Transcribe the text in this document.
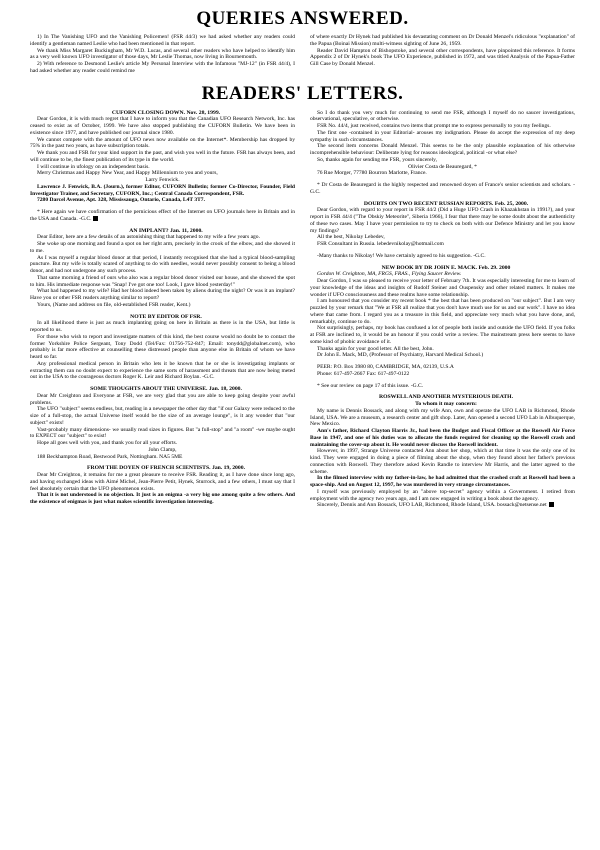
QUERIES ANSWERED.

1) In The Vanishing UFO and the Vanishing Policemen! (FSR 44/3) we had asked whether any readers could identify a gentleman named Leslie who had been mentioned in that report.

We thank Miss Margaret Buckingham, Mr W.D. Lucas, and several other readers who have helped to identify him as a very well known UFO investigator of those days, Mr Leslie Thomas, now living in Bournemouth.

2) With reference to Desmond Leslie's article My Personal Interview with the Infamous "MJ-12" (in FSR 44/4), I had asked whether any reader could remind me

of where exactly Dr Hynek had published his devastating comment on Dr Donald Menzel's ridiculous "explanation" of the Papua (Boinai Mission) multi-witness sighting of June 26, 1959.

Reader David Hampton of Bishopstoke, and several other correspondents, have pinpointed this reference. It forms Appendix 2 of Dr Hynek's book The UFO Experience, published in 1972, and was titled Analysis of the Papua-Father Gill Case by Donald Menzel.

READERS' LETTERS.

CUFORN CLOSING DOWN. Nov. 28, 1999.

Dear Gordon, it is with much regret that I have to inform you that the Canadian UFO Research Network, Inc. has ceased to exist as of October, 1999. We have also stopped publishing the CUFORN Bulletin. We have been in existence since 1977, and have published our journal since 1980.

We cannot compete with the amount of UFO news now available on the Internet*. Membership has dropped by 75% in the past two years, as have subscription totals.

We thank you and FSR for your kind support in the past, and wish you well in the future. FSR has always been, and will continue to be, the finest publication of its type in the world.

I will continue in ufology on an independent basis.

Merry Christmas and Happy New Year, and Happy Millennium to you and yours,

Larry Fenwick.

Lawrence J. Fenwick, B.A. (Journ.), former Editor, CUFORN Bulletin; former Co-Director, Founder, Field Investigator Trainer, and Secretary, CUFORN, Inc.; Central Canada Correspondent, FSR.

7280 Darcel Avenue, Apt. 328, Mississauga, Ontario, Canada, L4T 3T7.

* Here again we have confirmation of the pernicious effect of the Internet on UFO journals here in Britain and in the USA and Canada. -G.C.

AN IMPLANT? Jan. 11, 2000.

Dear Editor, here are a few details of an astonishing thing that happened to my wife a few years ago.

She woke up one morning and found a spot on her right arm, precisely in the crook of the elbow, and she showed it to me.

As I was myself a regular blood donor at that period, I instantly recognised that she had a typical blood-sampling puncture. But my wife is totally scared of anything to do with needles, would never possibly consent to being a blood donor, and had not undergone any such process.

That same morning a friend of ours who also was a regular blood donor visited our house, and she showed the spot to him. His immediate response was "Snap! I've got one too! Look, I gave blood yesterday!"

What had happened to my wife? Had her blood indeed been taken by aliens during the night? Or was it an implant? Have you or other FSR readers anything similar to report?

Yours, (Name and address on file, old-established FSR reader, Kent.)

NOTE BY EDITOR OF FSR.

In all likelihood there is just as much implanting going on here in Britain as there is in the USA, but little is reported to us.

For those who wish to report and investigate matters of this kind, the best course would no doubt be to contact the former Yorkshire Police Sergeant, Tony Dodd (Tel/Fax: 01756-752-847; Email: tonydd@globalnet.com), who probably is far more effective at counselling these distressed people than anyone else in Britain of whom we have heard so far.

Any professional medical person in Britain who lets it be known that he or she is investigating implants or extracting them can no doubt expect to experience the same sorts of harassment and threats that are now being meted out in the USA to the courageous doctors Roger K. Leir and Richard Boylan. -G.C.

SOME THOUGHTS ABOUT THE UNIVERSE. Jan. 18, 2000.

Dear Mr Creighton and Everyone at FSR, we are very glad that you are able to keep going despite your awful problems.

The UFO "subject" seems endless, but, reading in a newspaper the other day that "if our Galaxy were reduced to the size of a full-stop, the actual Universe itself would be the size of an average lounge", is it any wonder that "our subject" exists!

Vast-probably many dimensions- we usually read sizes in figures. But "a full-stop" and "a room" -we maybe ought to EXPECT our "subject" to exist!

Hope all goes well with you, and thank you for all your efforts.

John Clamp,

188 Beckhampton Road, Bestwood Park, Nottingham. NA5 5ME

FROM THE DOYEN OF FRENCH SCIENTISTS. Jan. 19, 2000.

Dear Mr Creighton, it remains for me a great pleasure to receive FSR. Reading it, as I have done since long ago, and having exchanged ideas with Aimé Michel, Jean-Pierre Petit, Hynek, Sturrock, and a few others, I must say that I feel absolutely certain that the UFO phenomenon exists.

That it is not understood is no objection. It just is an enigma -a very big one among quite a few others. And the existence of enigmas is just what makes scientific investigation interesting.

So I do thank you very much for continuing to send me FSR, although I myself do no saucer investigations, observational, speculative, or otherwise.

FSR No. 44/4, just received, contains two items that prompt me to express personally to you my feelings.

The first one -contained in your Editorial- arouses my indignation. Please do accept the expression of my deep sympathy in such circumstances.

The second item concerns Donald Menzel. This seems to be the only plausible explanation of his otherwise incomprehensible behaviour: Deliberate lying for reasons ideological, political -or what else?

So, thanks again for sending me FSR, yours sincerely,

Olivier Costa de Beauregard, *

76 Rue Morger, 77780 Bourron Marlotte, France.

* Dr Costa de Beauregard is the highly respected and renowned doyen of France's senior scientists and scholars. -G.C.

DOUBTS ON TWO RECENT RUSSIAN REPORTS. Feb. 25, 2000.

Dear Gordon, with regard to your report in FSR 44/2 (Did a Huge UFO Crash in Khazakhstan in 1991?), and your report in FSR 44/4 ("The Obskiy Meteorite", Siberia 1966), I fear that there may be some doubt about the authenticity of these two cases. May I have your permission to try to check on both with our Defence Ministry and let you know my findings?

All the best, Nikolay Lebedev,

FSR Consultant in Russia. lebedevnikolay@hotmail.com

-Many thanks to Nikolay! We have certainly agreed to his suggestion. -G.C.

NEW BOOK BY DR JOHN E. MACK. Feb. 29. 2000

Gordon W. Creighton, MA, FRGS, FRAS., Flying Saucer Review.

Dear Gordon, I was so pleased to receive your letter of February 7th. It was especially interesting for me to learn of your knowledge of the ideas and insights of Rudolf Steiner and Ouspensky and other related matters. It makes me wonder if UFO consciousness and these realms have some relationship.

I am honoured that you consider my recent book * the best that has been produced on "our subject". But I am very puzzled by your remark that "We at FSR all realize that you don't have much use for us and our work". I have no idea where that came from. I regard you as a treasure in this field, and appreciate very much what you have done, and, remarkably, continue to do.

Not surprisingly, perhaps, my book has confused a lot of people both inside and outside the UFO field. If you folks at FSR are inclined to, it would be an honour if you could write a review. The mainstream press here seems to have some kind of phobic avoidance of it.

Thanks again for your good letter. All the best, John.

Dr John E. Mack, MD, (Professor of Psychiatry, Harvard Medical School.)

PEER: P.O. Box 3980 80, CAMBRIDGE, MA, 02139, U.S.A

Phone: 617-497-2667 Fax: 617-497-0122

* See our review on page 17 of this issue. -G.C.

ROSWELL AND ANOTHER MYSTERIOUS DEATH.

To whom it may concern:

My name is Dennis Bossack, and along with my wife Ann, own and operate the UFO LAB in Richmond, Rhode Island, USA. We are a museum, a research center and gift shop. Later, Ann opened a second UFO Lab in Albuquerque, New Mexico.

Ann's father, Richard Clayton Harris Jr., had been the Budget and Fiscal Officer at the Roswell Air Force Base in 1947, and one of his duties was to allocate the funds required for cleaning up the Roswell crash and maintaining the cover-up about it. He would never discuss the Roswell incident.

However, in 1997, Strange Universe contacted Ann about her shop, which at that time it was the only one of its kind. They were engaged in doing a piece of filming about the shop, when they found about her father's previous connection with Roswell. They therefore asked Kevin Randle to interview Mr Harris, and the latter agreed to the scheme.

In the filmed interview with my father-in-law, he had admitted that the crashed craft at Roswell had been a space-ship. And on August 12, 1997, he was murdered in very strange circumstances.

I myself was previously employed by an "above top-secret" agency within a Government. I retired from employment with the agency two years ago, and I am now engaged in writing a book about the agency.

Sincerely, Dennis and Ann Bossack, UFO LAB, Richmond, Rhode Island, USA. bossack@netsense.net
